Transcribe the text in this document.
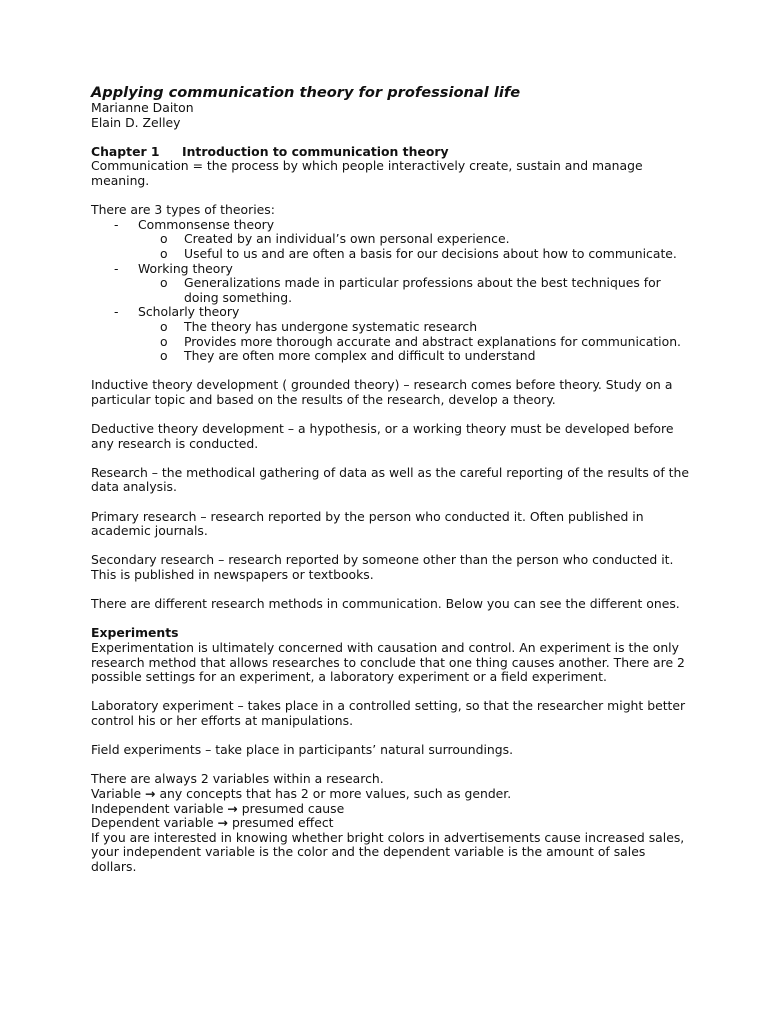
Applying communication theory for professional life

Marianne Daiton

Elain D. Zelley

Chapter 1 Introduction to communication theory

Communication = the process by which people interactively create, sustain and manage meaning.

There are 3 types of theories:

- Commonsense theory
o Created by an individual’s own personal experience.
o Useful to us and are often a basis for our decisions about how to communicate.
- Working theory
o Generalizations made in particular professions about the best techniques for doing something.
- Scholarly theory
o The theory has undergone systematic research
o Provides more thorough accurate and abstract explanations for communication.
o They are often more complex and difficult to understand

Inductive theory development ( grounded theory) – research comes before theory. Study on a particular topic and based on the results of the research, develop a theory.

Deductive theory development – a hypothesis, or a working theory must be developed before any research is conducted.

Research – the methodical gathering of data as well as the careful reporting of the results of the data analysis.

Primary research – research reported by the person who conducted it. Often published in academic journals.

Secondary research – research reported by someone other than the person who conducted it. This is published in newspapers or textbooks.

There are different research methods in communication. Below you can see the different ones.

Experiments

Experimentation is ultimately concerned with causation and control. An experiment is the only research method that allows researches to conclude that one thing causes another. There are 2 possible settings for an experiment, a laboratory experiment or a field experiment.

Laboratory experiment – takes place in a controlled setting, so that the researcher might better control his or her efforts at manipulations.

Field experiments – take place in participants’ natural surroundings.

There are always 2 variables within a research.

Variable → any concepts that has 2 or more values, such as gender.

Independent variable → presumed cause

Dependent variable → presumed effect

If you are interested in knowing whether bright colors in advertisements cause increased sales, your independent variable is the color and the dependent variable is the amount of sales dollars.
